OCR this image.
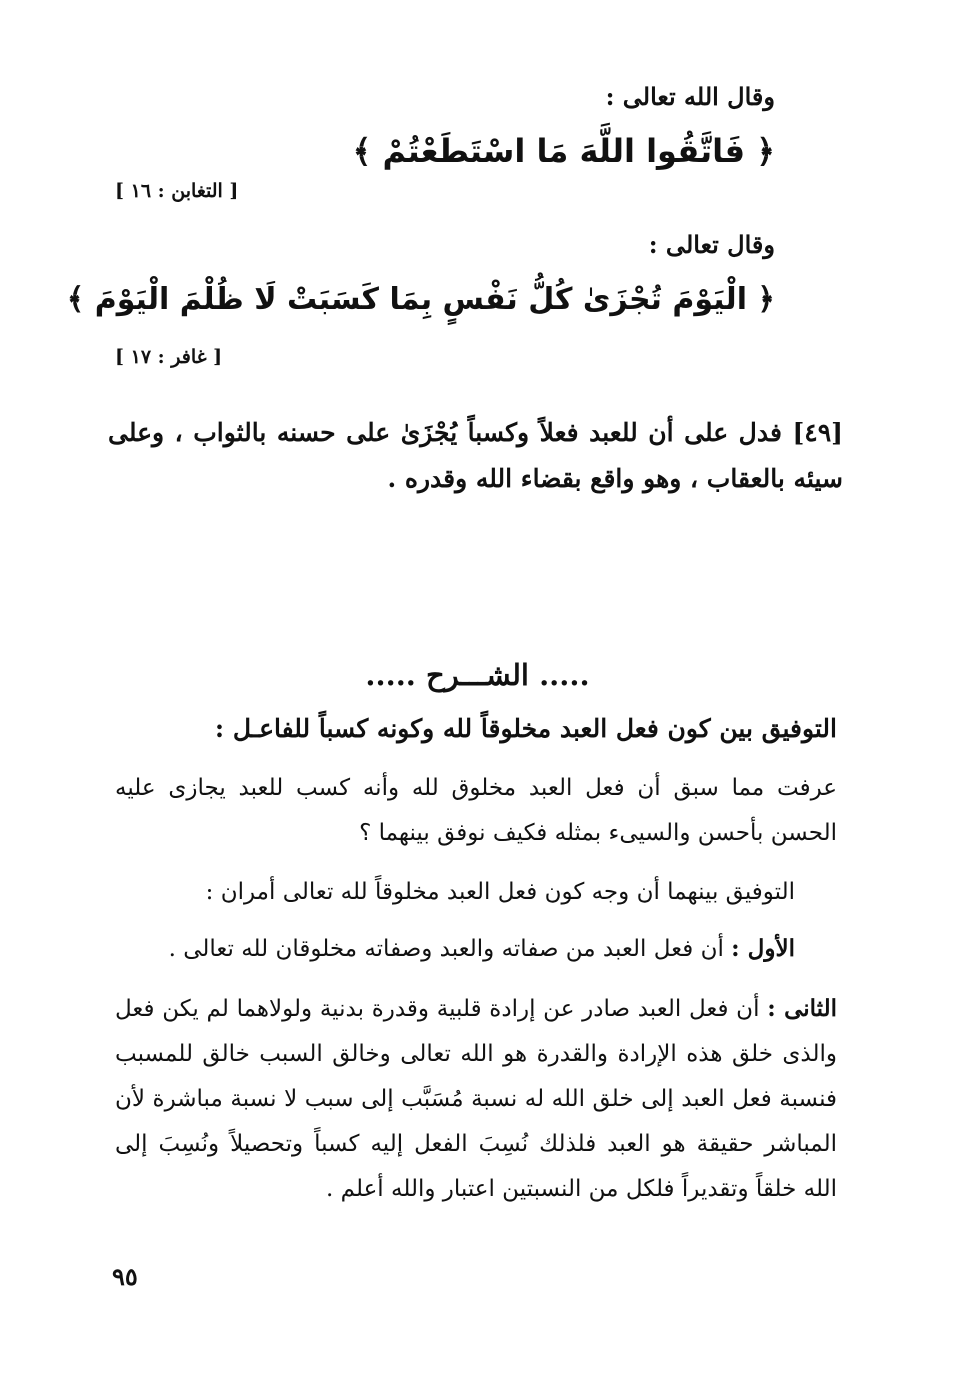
وقال الله تعالى :
﴿ فَاتَّقُوا اللَّهَ مَا اسْتَطَعْتُمْ ﴾
[ التغابن : ١٦ ]
وقال تعالى :
﴿ الْيَوْمَ تُجْزَىٰ كُلُّ نَفْسٍ بِمَا كَسَبَتْ لَا ظُلْمَ الْيَوْمَ ﴾
[ غافر : ١٧ ]
[٤٩] فدل على أن للعبد فعلاً وكسباً يُجْزَىٰ على حسنه بالثواب ، وعلى سيئه بالعقاب ، وهو واقع بقضاء الله وقدره .
..... الشـــرح .....
التوفيق بين كون فعل العبد مخلوقاً لله وكونه كسباً للفاعـل :
عرفت مما سبق أن فعل العبد مخلوق لله وأنه كسب للعبد يجازى عليه الحسن بأحسن والسيىء بمثله فكيف نوفق بينهما ؟
التوفيق بينهما أن وجه كون فعل العبد مخلوقاً لله تعالى أمران :
الأول : أن فعل العبد من صفاته والعبد وصفاته مخلوقان لله تعالى .
الثانى : أن فعل العبد صادر عن إرادة قلبية وقدرة بدنية ولولاهما لم يكن فعل والذى خلق هذه الإرادة والقدرة هو الله تعالى وخالق السبب خالق للمسبب فنسبة فعل العبد إلى خلق الله له نسبة مُسَبَّب إلى سبب لا نسبة مباشرة لأن المباشر حقيقة هو العبد فلذلك نُسِبَ الفعل إليه كسباً وتحصيلاً ونُسِبَ إلى الله خلقاً وتقديراً فلكل من النسبتين اعتبار والله أعلم .
٩٥
